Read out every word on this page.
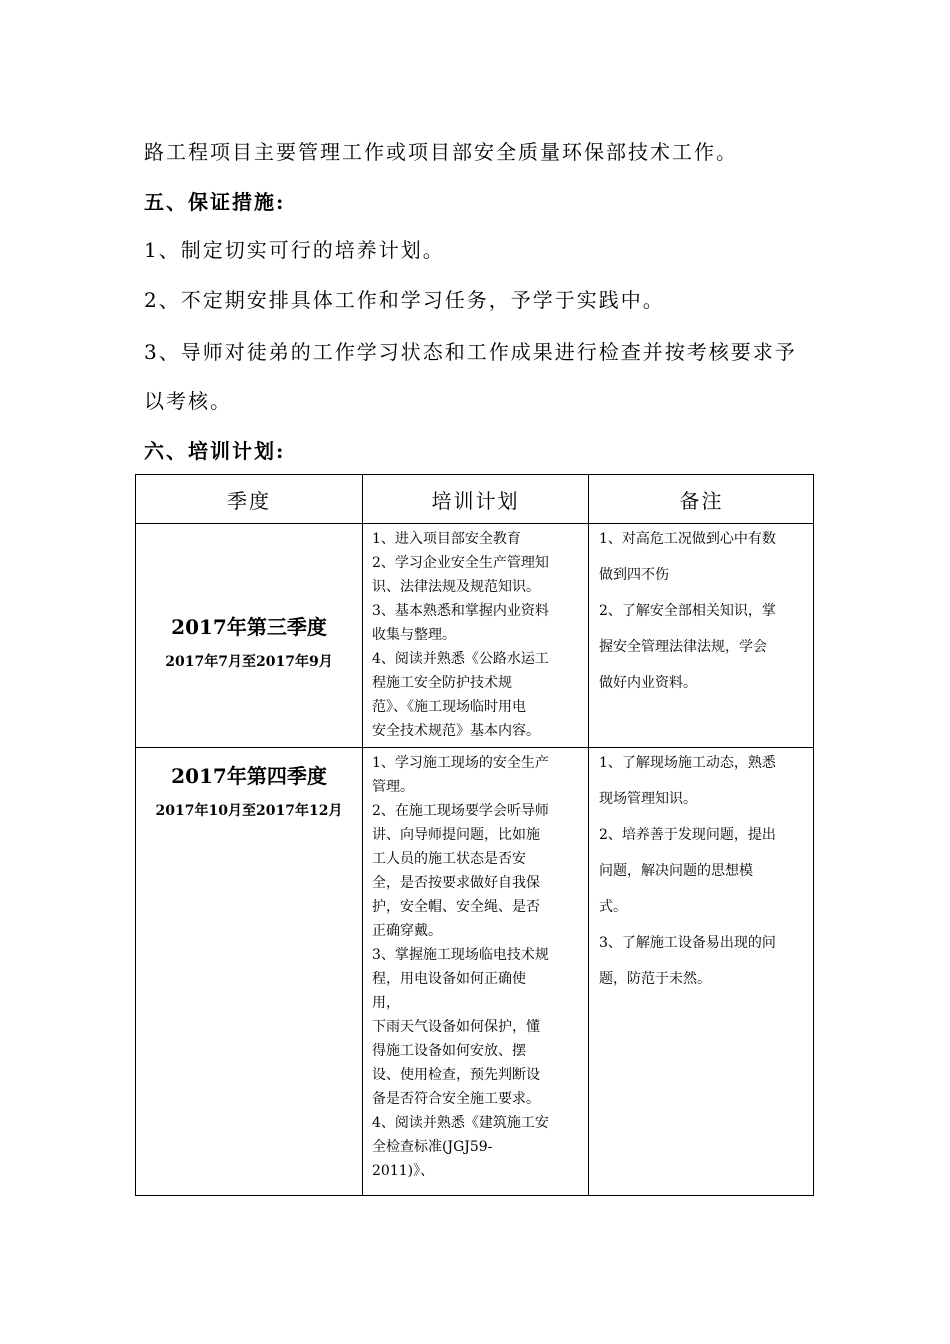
路工程项目主要管理工作或项目部安全质量环保部技术工作。
五、保证措施:
1、制定切实可行的培养计划。
2、不定期安排具体工作和学习任务，予学于实践中。
3、导师对徒弟的工作学习状态和工作成果进行检查并按考核要求予
以考核。
六、培训计划:
季度	培训计划	备注
2017年第三季度
2017年7月至2017年9月
1、进入项目部安全教育
2、学习企业安全生产管理知
识、法律法规及规范知识。
3、基本熟悉和掌握内业资料
收集与整理。
4、阅读并熟悉《公路水运工
程施工安全防护技术规
范》、《施工现场临时用电
安全技术规范》基本内容。
1、对高危工况做到心中有数
做到四不伤
2、了解安全部相关知识，掌
握安全管理法律法规，学会
做好内业资料。
2017年第四季度
2017年10月至2017年12月
1、学习施工现场的安全生产
管理。
2、在施工现场要学会听导师
讲、向导师提问题，比如施
工人员的施工状态是否安
全，是否按要求做好自我保
护，安全帽、安全绳、是否
正确穿戴。
3、掌握施工现场临电技术规
程，用电设备如何正确使
用，
下雨天气设备如何保护，懂
得施工设备如何安放、摆
设、使用检查，预先判断设
备是否符合安全施工要求。
4、阅读并熟悉《建筑施工安
全检查标准(JGJ59-
2011)》、
1、了解现场施工动态，熟悉
现场管理知识。
2、培养善于发现问题，提出
问题，解决问题的思想模
式。
3、了解施工设备易出现的问
题，防范于未然。
